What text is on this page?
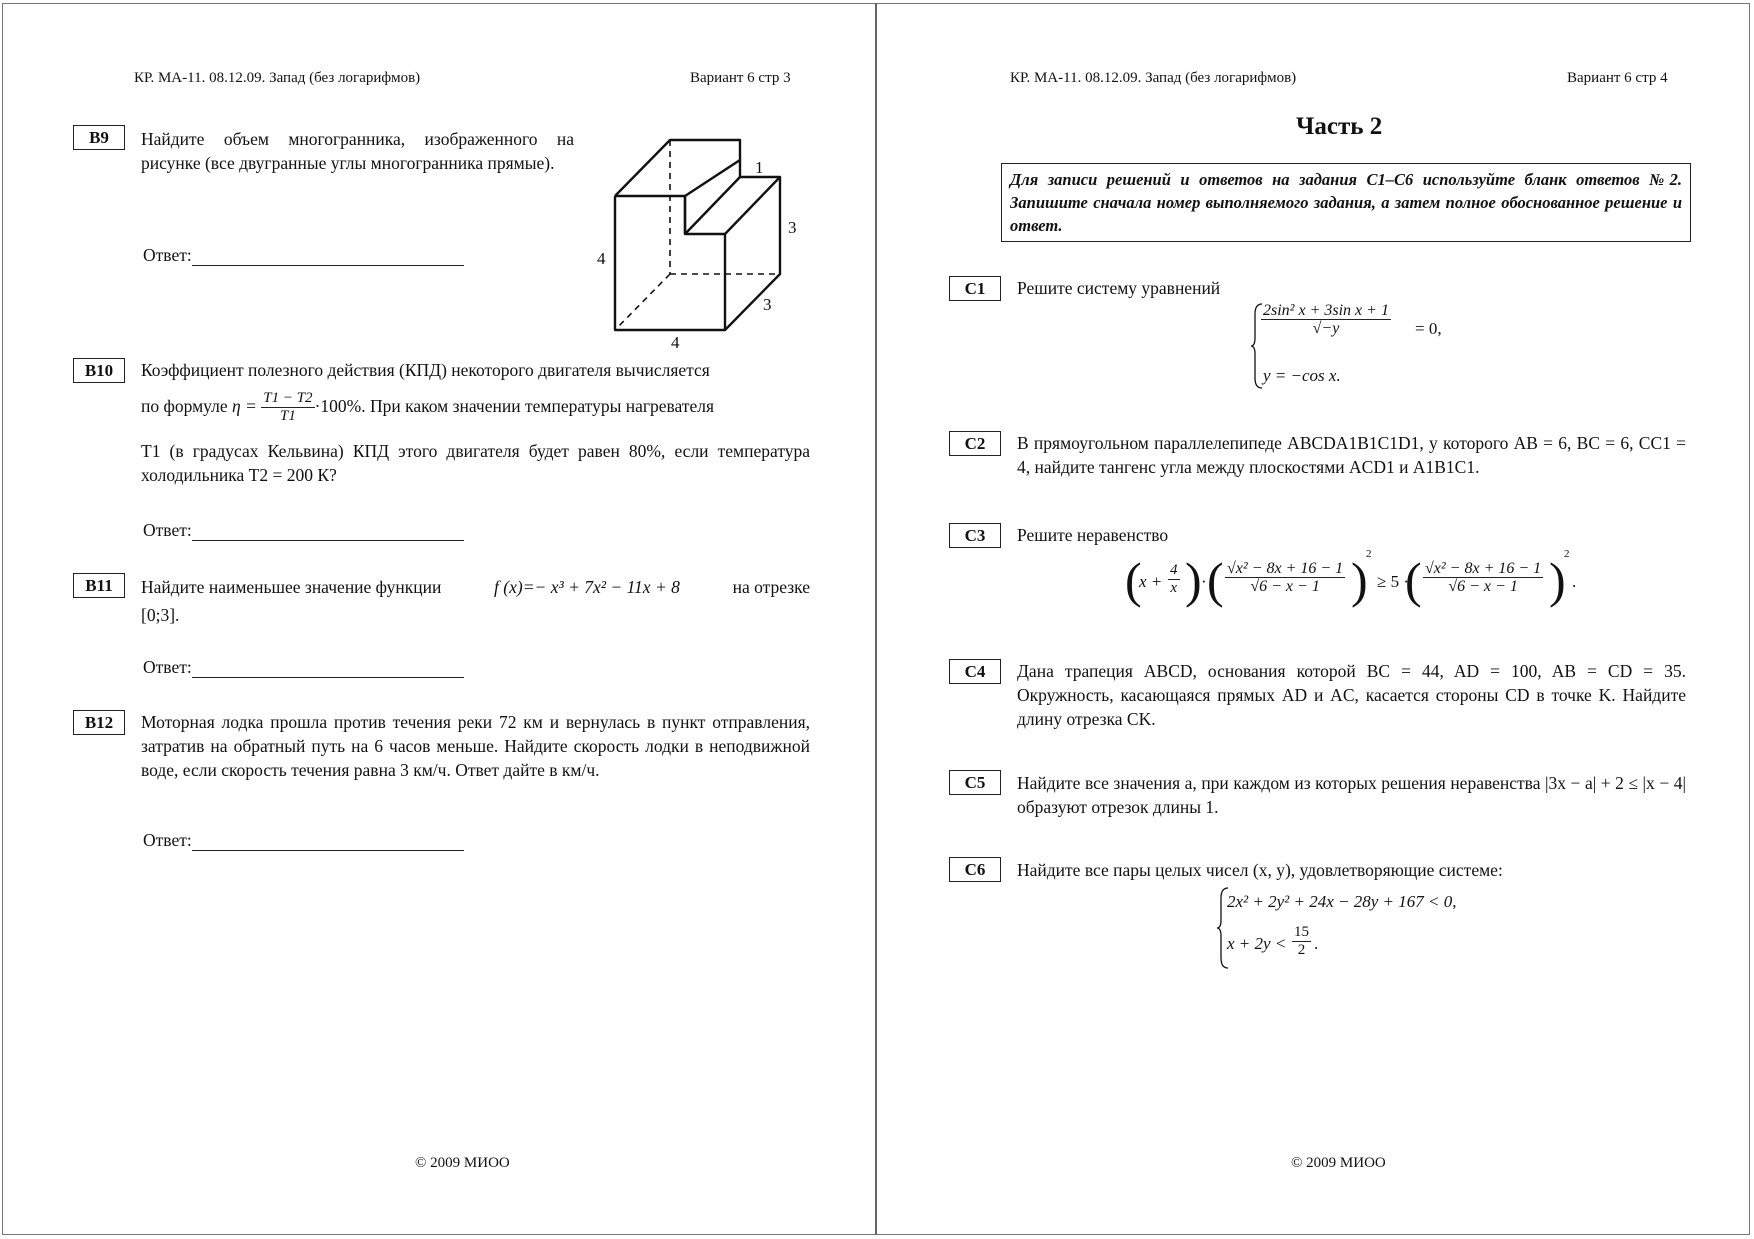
КР. МА-11. 08.12.09. Запад (без логарифмов)	Вариант 6 стр 3
B9	Найдите объем многогранника, изображенного на рисунке (все двугранные углы многогранника прямые).
Ответ:
1
3
4
3
4
B10	Коэффициент полезного действия (КПД) некоторого двигателя вычисляется
по формуле $\eta = \frac{T1 - T2}{T1} \cdot 100\%$. При каком значении температуры нагревателя
T1 (в градусах Кельвина) КПД этого двигателя будет равен 80%, если температура холодильника T2 = 200 К?
Ответ:
B11	Найдите наименьшее значение функции	f (x)=− x³ + 7x² − 11x + 8	на отрезке
[0;3].
Ответ:
B12	Моторная лодка прошла против течения реки 72 км и вернулась в пункт отправления, затратив на обратный путь на 6 часов меньше. Найдите скорость лодки в неподвижной воде, если скорость течения равна 3 км/ч. Ответ дайте в км/ч.
Ответ:
© 2009 МИОО
КР. МА-11. 08.12.09. Запад (без логарифмов)	Вариант 6 стр 4
Часть 2
Для записи решений и ответов на задания С1–С6 используйте бланк ответов №2. Запишите сначала номер выполняемого задания, а затем полное обоснованное решение и ответ.
C1	Решите систему уравнений
$\frac{\text{2sin² x + 3sin x + 1}}{√-y} = 0$,
y = −cos x.
C2	В прямоугольном параллелепипеде ABCDA1B1C1D1, у которого AB = 6, BC = 6, CC1 = 4, найдите тангенс угла между плоскостями ACD1 и A1B1C1.
C3	Решите неравенство
(
$x + \frac{4}{x}$ ) · ( $\frac{\text{√x² − 8x + 16 − 1}}{√6 - x - 1}$ )
2
≥ 5 ·
( $\frac{\text{√x² − 8x + 16 − 1}}{√6 - x - 1}$ )
2
.
C4	Дана трапеция ABCD, основания которой BC = 44, AD = 100, AB = CD = 35. Окружность, касающаяся прямых AD и AC, касается стороны CD в точке K. Найдите длину отрезка CK.
C5	Найдите все значения a, при каждом из которых решения неравенства |3x − a| + 2 ≤ |x − 4| образуют отрезок длины 1.
C6	Найдите все пары целых чисел (x, y), удовлетворяющие системе:
2x² + 2y² + 24x − 28y + 167 < 0,
$x + 2y < \frac{15}{2}$ .
© 2009 МИОО
